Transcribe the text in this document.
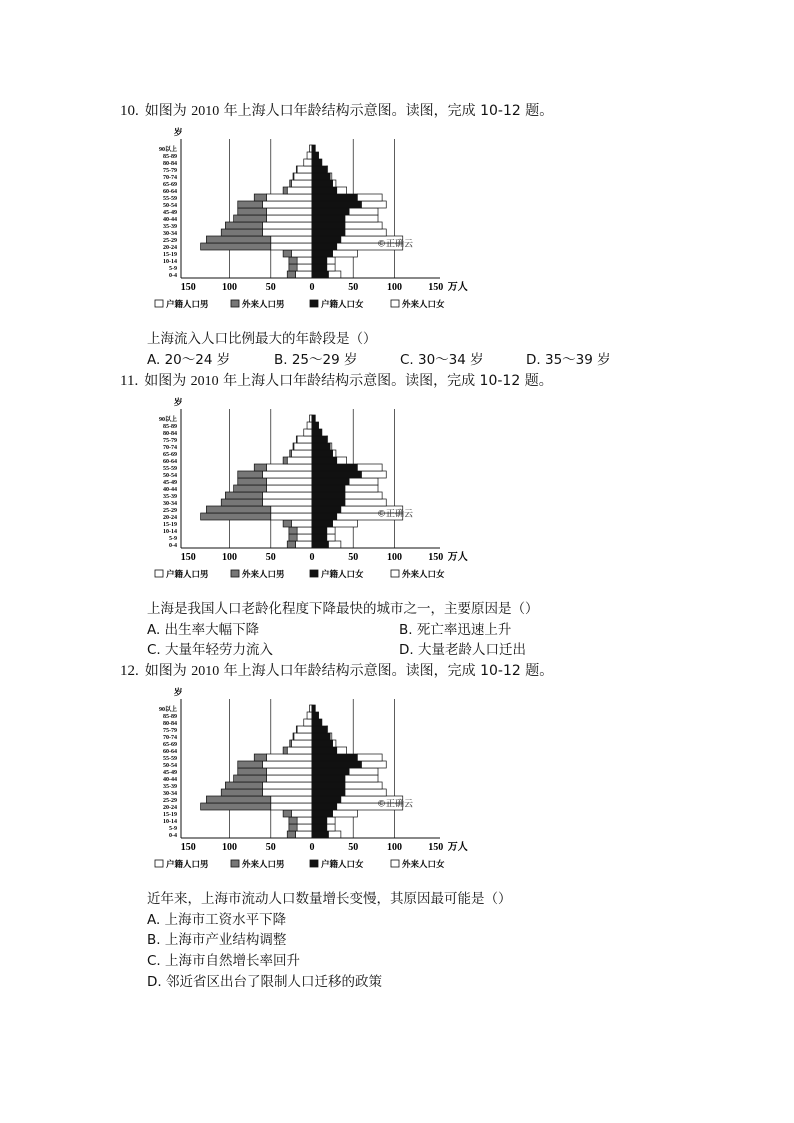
10. 如图为 2010 年上海人口年龄结构示意图。读图，完成 10-12 题。
0-4
5-9
10-14
15-19
20-24
25-29
30-34
35-39
40-44
45-49
50-54
55-59
60-64
65-69
70-74
75-79
80-84
85-89
90以上
岁
150	100	50	0	50	100	150 万人
©正确云
户籍人口男	外来人口男	户籍人口女	外来人口女
上海流入人口比例最大的年龄段是（）
A. 20～24 岁	B. 25～29 岁	C. 30～34 岁	D. 35～39 岁
11. 如图为 2010 年上海人口年龄结构示意图。读图，完成 10-12 题。
0-4
5-9
10-14
15-19
20-24
25-29
30-34
35-39
40-44
45-49
50-54
55-59
60-64
65-69
70-74
75-79
80-84
85-89
90以上
岁
150	100	50	0	50	100	150 万人
©正确云
户籍人口男	外来人口男	户籍人口女	外来人口女
上海是我国人口老龄化程度下降最快的城市之一，主要原因是（）
A. 出生率大幅下降	B. 死亡率迅速上升
C. 大量年轻劳力流入	D. 大量老龄人口迁出
12. 如图为 2010 年上海人口年龄结构示意图。读图，完成 10-12 题。
0-4
5-9
10-14
15-19
20-24
25-29
30-34
35-39
40-44
45-49
50-54
55-59
60-64
65-69
70-74
75-79
80-84
85-89
90以上
岁
150	100	50	0	50	100	150 万人
©正确云
户籍人口男	外来人口男	户籍人口女	外来人口女
近年来，上海市流动人口数量增长变慢，其原因最可能是（）
A. 上海市工资水平下降
B. 上海市产业结构调整
C. 上海市自然增长率回升
D. 邻近省区出台了限制人口迁移的政策
